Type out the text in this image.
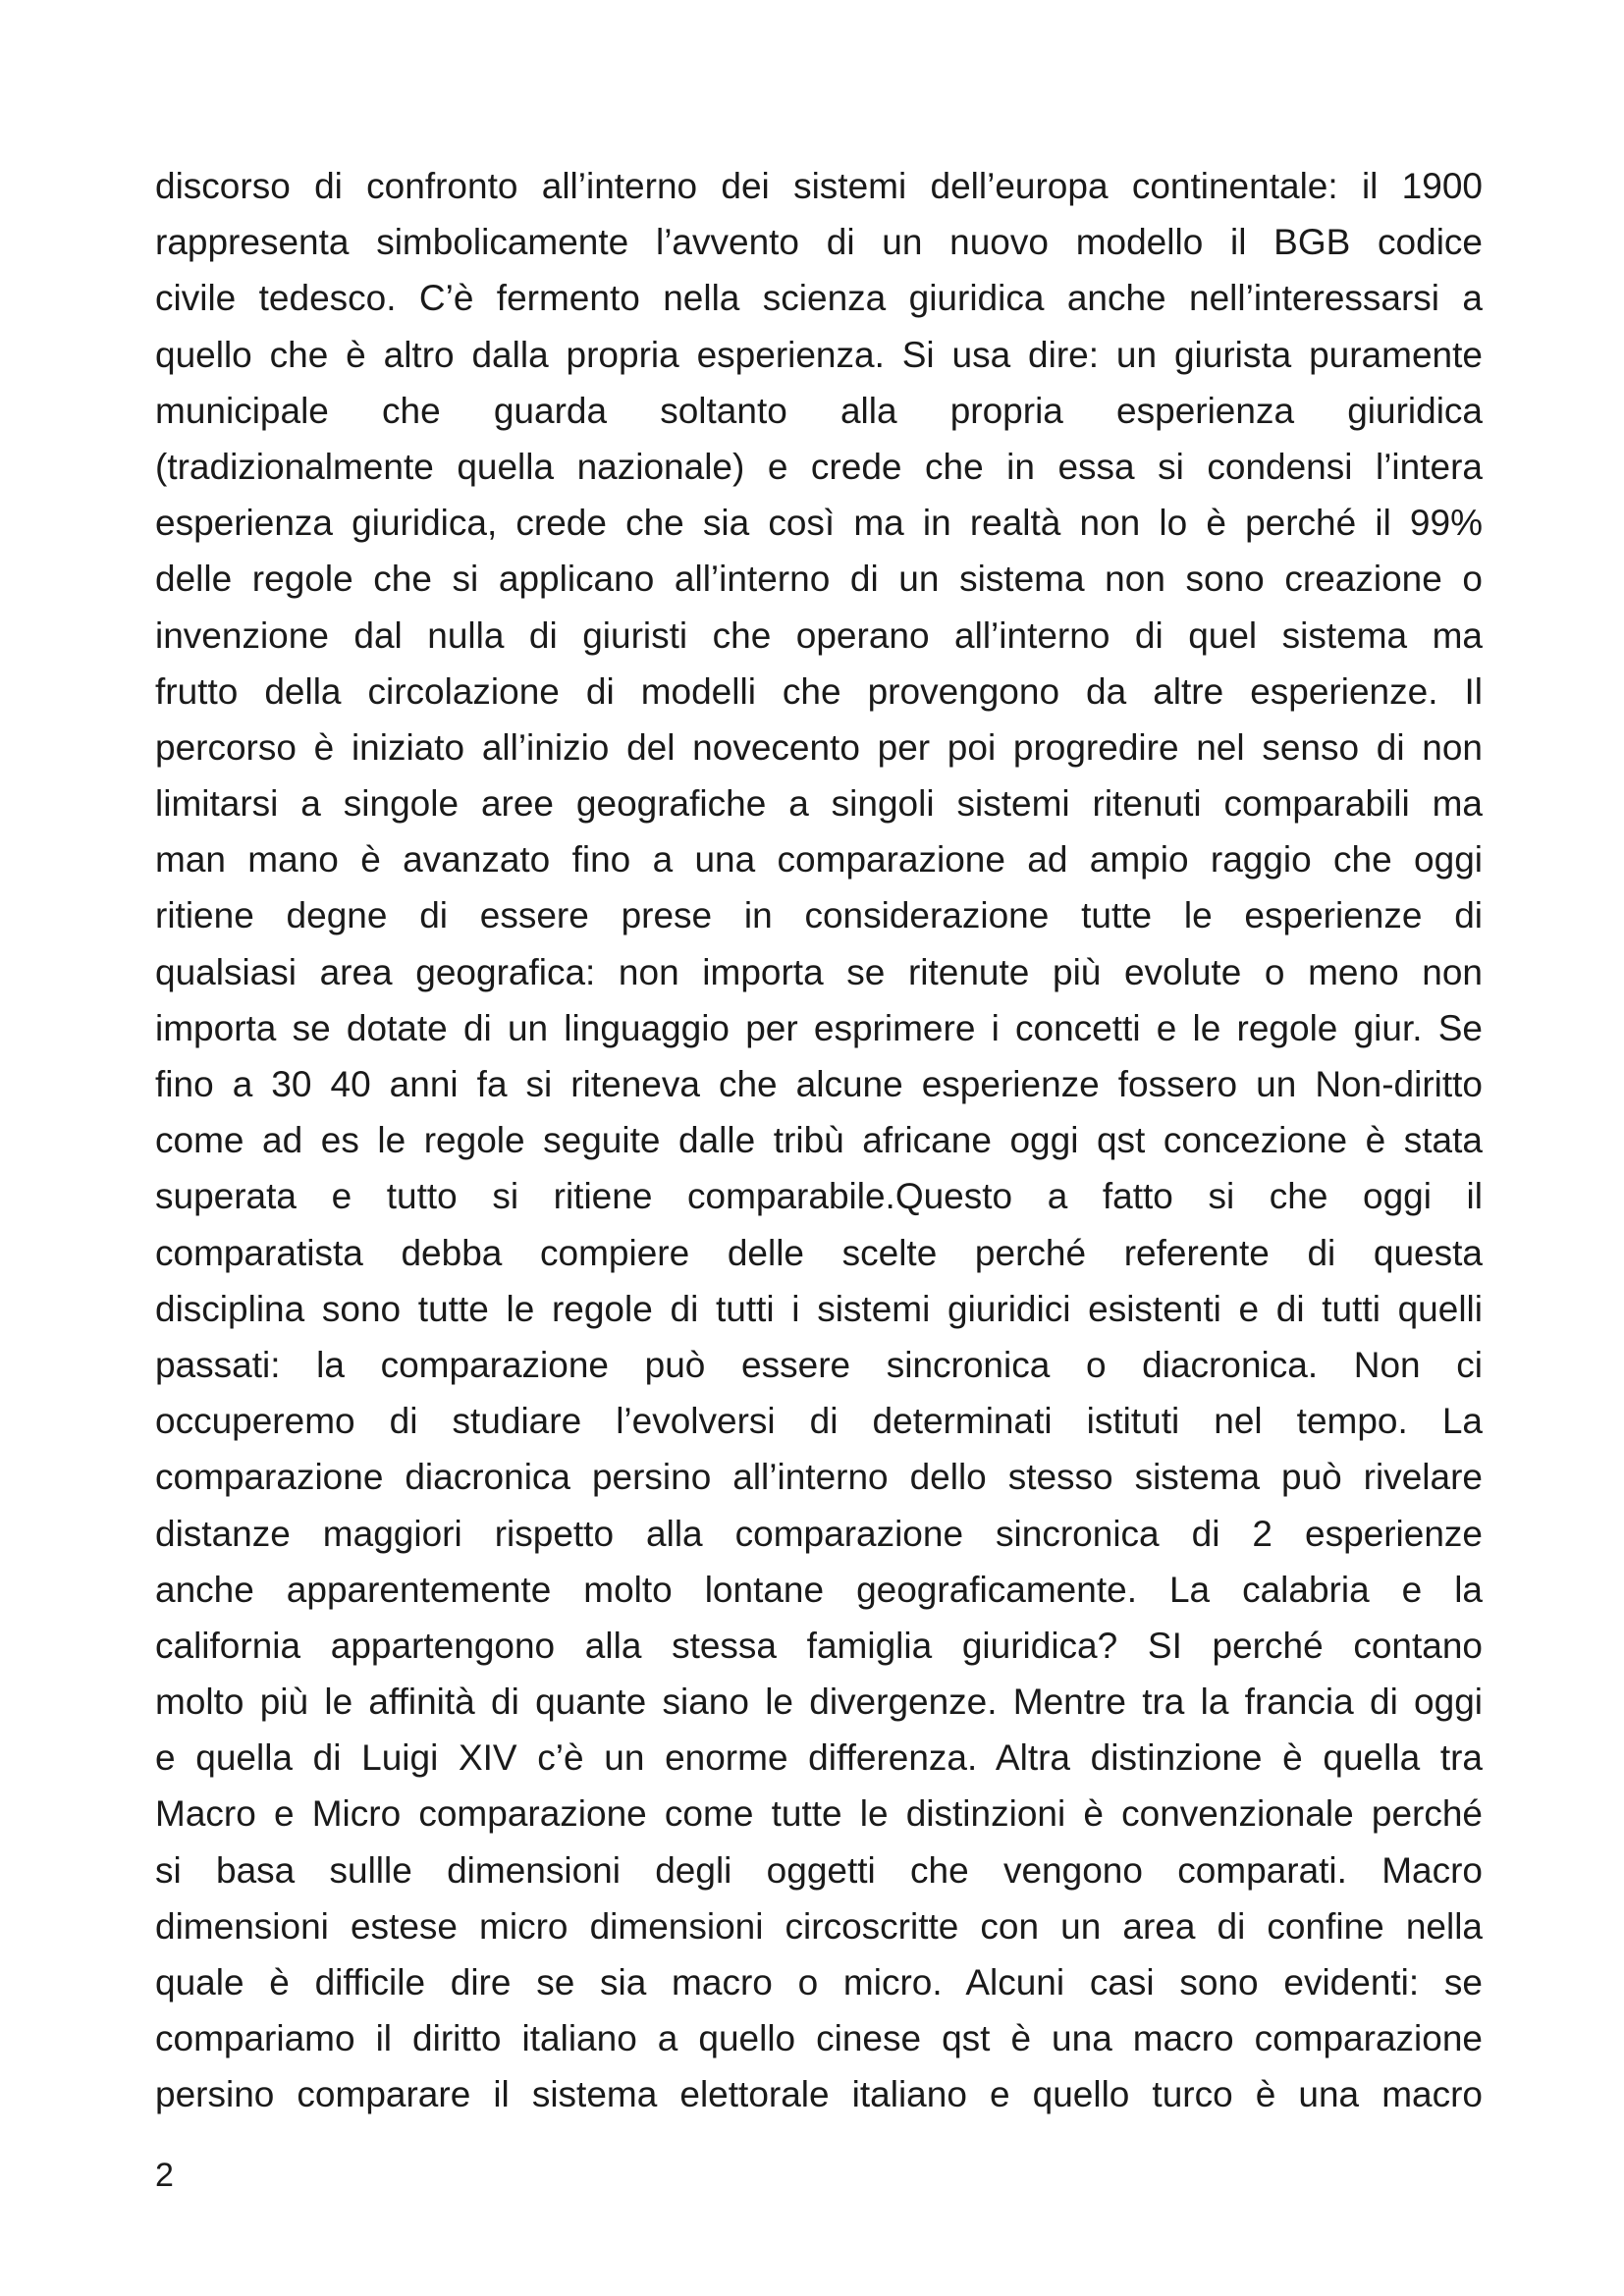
discorso di confronto all’interno dei sistemi dell’europa continentale: il 1900
rappresenta simbolicamente l’avvento di un nuovo modello il BGB codice
civile tedesco. C’è fermento nella scienza giuridica anche nell’interessarsi a
quello che è altro dalla propria esperienza. Si usa dire: un giurista puramente
municipale che guarda soltanto alla propria esperienza giuridica
(tradizionalmente quella nazionale) e crede che in essa si condensi l’intera
esperienza giuridica, crede che sia così ma in realtà non lo è perché il 99%
delle regole che si applicano all’interno di un sistema non sono creazione o
invenzione dal nulla di giuristi che operano all’interno di quel sistema ma
frutto della circolazione di modelli che provengono da altre esperienze. Il
percorso è iniziato all’inizio del novecento per poi progredire nel senso di non
limitarsi a singole aree geografiche a singoli sistemi ritenuti comparabili ma
man mano è avanzato fino a una comparazione ad ampio raggio che oggi
ritiene degne di essere prese in considerazione tutte le esperienze di
qualsiasi area geografica: non importa se ritenute più evolute o meno non
importa se dotate di un linguaggio per esprimere i concetti e le regole giur. Se
fino a 30 40 anni fa si riteneva che alcune esperienze fossero un Non-diritto
come ad es le regole seguite dalle tribù africane oggi qst concezione è stata
superata e tutto si ritiene comparabile.Questo a fatto si che oggi il
comparatista debba compiere delle scelte perché referente di questa
disciplina sono tutte le regole di tutti i sistemi giuridici esistenti e di tutti quelli
passati: la comparazione può essere sincronica o diacronica. Non ci
occuperemo di studiare l’evolversi di determinati istituti nel tempo. La
comparazione diacronica persino all’interno dello stesso sistema può rivelare
distanze maggiori rispetto alla comparazione sincronica di 2 esperienze
anche apparentemente molto lontane geograficamente. La calabria e la
california appartengono alla stessa famiglia giuridica? SI perché contano
molto più le affinità di quante siano le divergenze. Mentre tra la francia di oggi
e quella di Luigi XIV c’è un enorme differenza. Altra distinzione è quella tra
Macro e Micro comparazione come tutte le distinzioni è convenzionale perché
si basa sullle dimensioni degli oggetti che vengono comparati. Macro
dimensioni estese micro dimensioni circoscritte con un area di confine nella
quale è difficile dire se sia macro o micro. Alcuni casi sono evidenti: se
compariamo il diritto italiano a quello cinese qst è una macro comparazione
persino comparare il sistema elettorale italiano e quello turco è una macro

2
